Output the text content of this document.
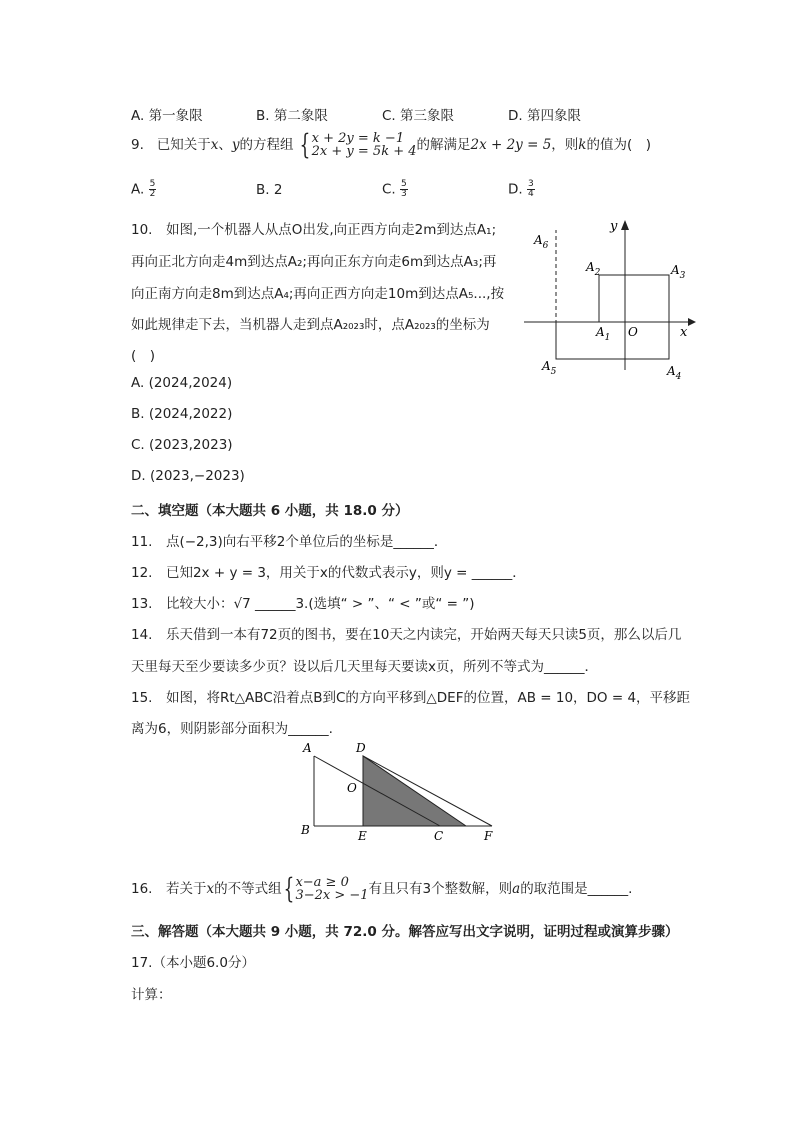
A. 第一象限	B. 第二象限	C. 第三象限	D. 第四象限
9. 已知关于x、y的方程组 { x + 2y = k −1
2x + y = 5k + 4的解满足2x + 2y = 5，则k的值为(　)
A. $\frac{5}{2}$	B. 2	C. $\frac{5}{3}$	D. $\frac{3}{4}$
10.　如图,一个机器人从点O出发,向正西方向走2m到达点A₁;
再向正北方向走4m到达点A₂;再向正东方向走6m到达点A₃;再
向正南方向走8m到达点A₄;再向正西方向走10m到达点A₅...,按
如此规律走下去，当机器人走到点A₂₀₂₃时，点A₂₀₂₃的坐标为
(　)
A. (2024,2024)
B. (2024,2022)
C. (2023,2023)
D. (2023,−2023)
y
x
$A_6$
$A_2$	$A_3$
$A_1$ O
$A_5$	$A_4$
二、填空题（本大题共 6 小题，共 18.0 分）
11.　点(−2,3)向右平移2个单位后的坐标是______．
12.　已知2x + y = 3，用关于x的代数式表示y，则y = ______．
13.　比较大小：√7 ______3.(选填“ > ”、“ < ”或“ = ”)
14.　乐天借到一本有72页的图书，要在10天之内读完，开始两天每天只读5页，那么以后几
天里每天至少要读多少页？设以后几天里每天要读x页，所列不等式为______．
15.　如图，将Rt△ABC沿着点B到C的方向平移到△DEF的位置，AB = 10，DO = 4，平移距
离为6，则阴影部分面积为______.
A	D
O
B	E	C	F
16.　若关于x的不等式组{ x−a ≥ 0
3−2x > −1有且只有3个整数解，则a的取范围是______.
三、解答题（本大题共 9 小题，共 72.0 分。解答应写出文字说明，证明过程或演算步骤）
17.（本小题6.0分）
计算：
